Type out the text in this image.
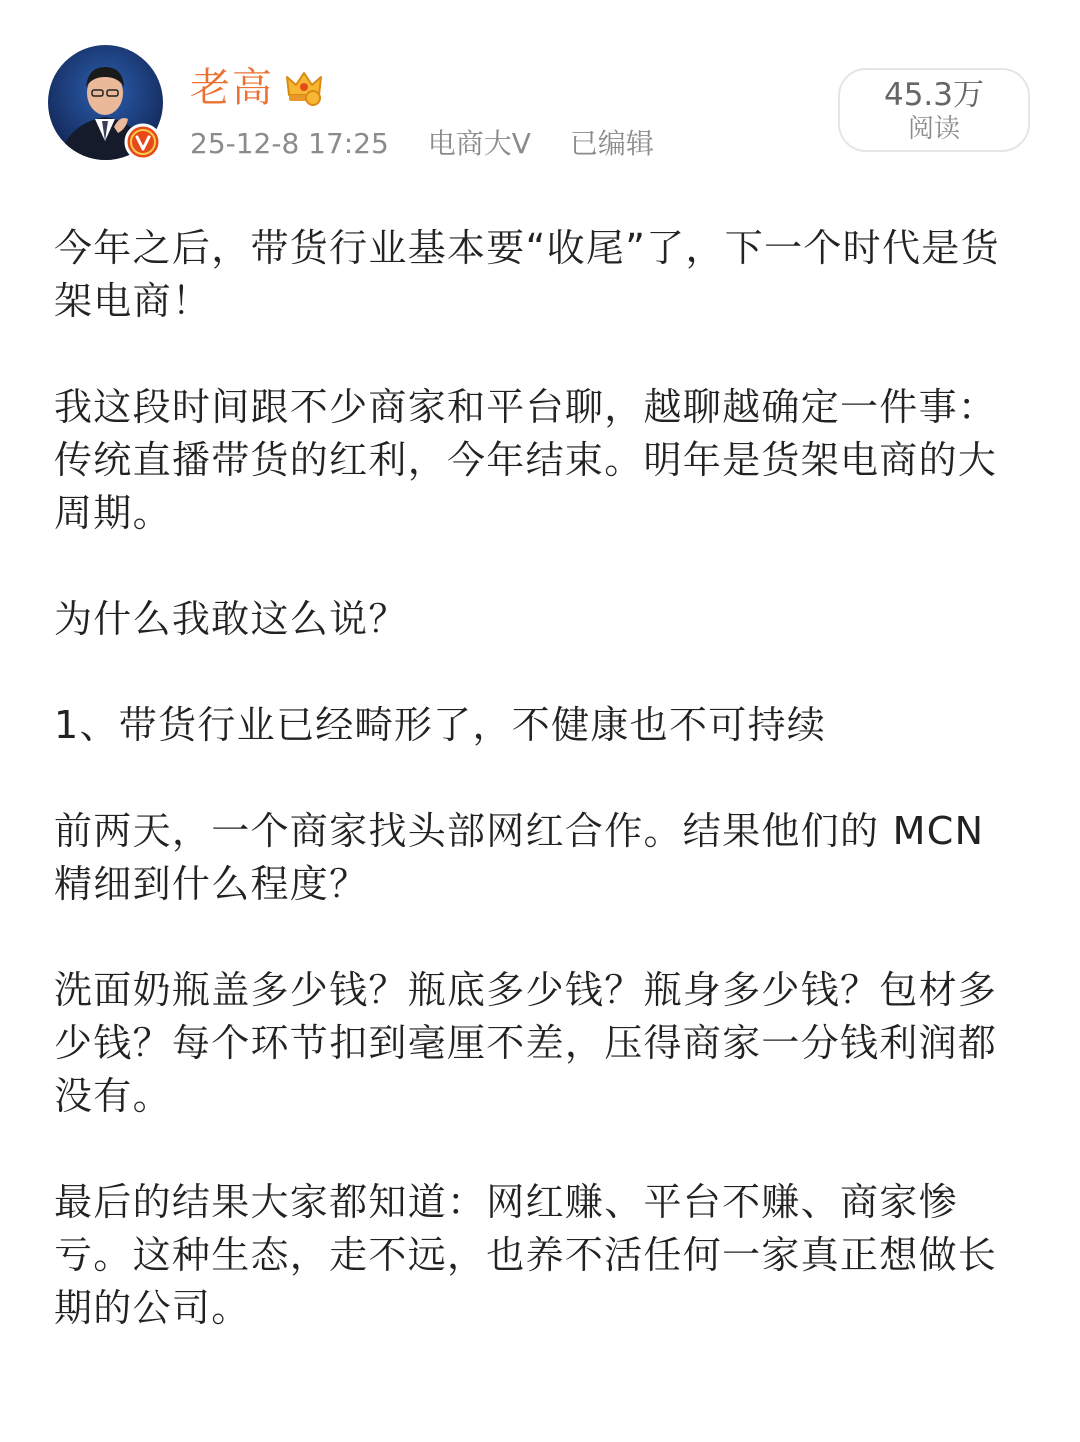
老高
25-12-8 17:25 电商大V 已编辑
45.3万
阅读

今年之后，带货行业基本要“收尾”了，下一个时代是货架电商！

我这段时间跟不少商家和平台聊，越聊越确定一件事：传统直播带货的红利，今年结束。明年是货架电商的大周期。

为什么我敢这么说？

1、带货行业已经畸形了，不健康也不可持续

前两天，一个商家找头部网红合作。结果他们的 MCN 精细到什么程度？

洗面奶瓶盖多少钱？瓶底多少钱？瓶身多少钱？包材多少钱？每个环节扣到毫厘不差，压得商家一分钱利润都没有。

最后的结果大家都知道：网红赚、平台不赚、商家惨亏。这种生态，走不远，也养不活任何一家真正想做长期的公司。
